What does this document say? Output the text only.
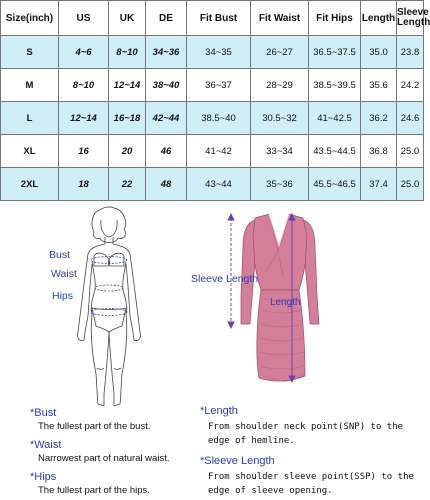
Size(inch)	US	UK	DE	Fit Bust	Fit Waist	Fit Hips	Length	Sleeve
Length
S	4~6	8~10	34~36	34~35	26~27	36.5~37.5	35.0	23.8
M	8~10	12~14	38~40	36~37	28~29	38.5~39.5	35.6	24.2
L	12~14	16~18	42~44	38.5~40	30.5~32	41~42.5	36.2	24.6
XL	16	20	46	41~42	33~34	43.5~44.5	36.8	25.0
2XL	18	22	48	43~44	35~36	45.5~46.5	37.4	25.0
Bust
Waist
Hips
Sleeve Length
Length
*Bust
The fullest part of the bust.
*Waist
Narrowest part of natural waist.
*Hips
The fullest part of the hips.
*Length
From shoulder neck point(SNP) to the
edge of hemline.
*Sleeve Length
From shoulder sleeve point(SSP) to the
edge of sleeve opening.
